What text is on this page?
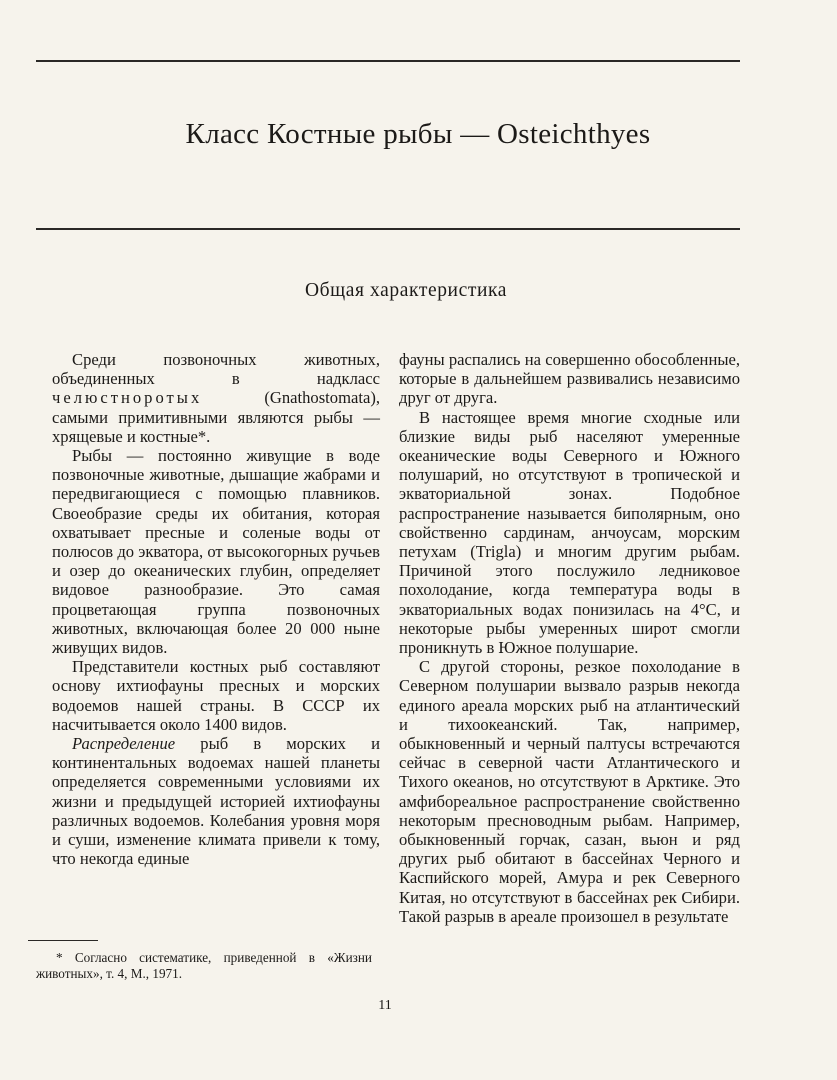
Класс Костные рыбы — Osteichthyes
Общая характеристика

Среди позвоночных животных, объединенных в надкласс челюстноротых (Gnathostomata), самыми примитивными являются рыбы — хрящевые и костные*.

Рыбы — постоянно живущие в воде позвоночные животные, дышащие жабрами и передвигающиеся с помощью плавников. Своеобразие среды их обитания, которая охватывает пресные и соленые воды от полюсов до экватора, от высокогорных ручьев и озер до океанических глубин, определяет видовое разнообразие. Это самая процветающая группа позвоночных животных, включающая более 20 000 ныне живущих видов.

Представители костных рыб составляют основу ихтиофауны пресных и морских водоемов нашей страны. В СССР их насчитывается около 1400 видов.

Распределение рыб в морских и континентальных водоемах нашей планеты определяется современными условиями их жизни и предыдущей историей ихтиофауны различных водоемов. Колебания уровня моря и суши, изменение климата привели к тому, что некогда единые

фауны распались на совершенно обособленные, которые в дальнейшем развивались независимо друг от друга.

В настоящее время многие сходные или близкие виды рыб населяют умеренные океанические воды Северного и Южного полушарий, но отсутствуют в тропической и экваториальной зонах. Подобное распространение называется биполярным, оно свойственно сардинам, анчоусам, морским петухам (Trigla) и многим другим рыбам. Причиной этого послужило ледниковое похолодание, когда температура воды в экваториальных водах понизилась на 4°С, и некоторые рыбы умеренных широт смогли проникнуть в Южное полушарие.

С другой стороны, резкое похолодание в Северном полушарии вызвало разрыв некогда единого ареала морских рыб на атлантический и тихоокеанский. Так, например, обыкновенный и черный палтусы встречаются сейчас в северной части Атлантического и Тихого океанов, но отсутствуют в Арктике. Это амфибореальное распространение свойственно некоторым пресноводным рыбам. Например, обыкновенный горчак, сазан, вьюн и ряд других рыб обитают в бассейнах Черного и Каспийского морей, Амура и рек Северного Китая, но отсутствуют в бассейнах рек Сибири. Такой разрыв в ареале произошел в результате

* Согласно систематике, приведенной в «Жизни животных», т. 4, М., 1971.

11
